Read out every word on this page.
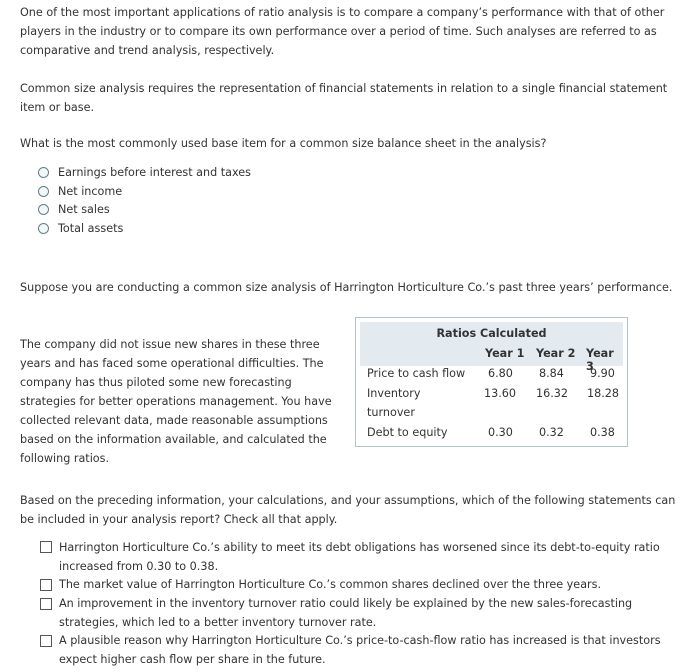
One of the most important applications of ratio analysis is to compare a company’s performance with that of other players in the industry or to compare its own performance over a period of time. Such analyses are referred to as comparative and trend analysis, respectively.

Common size analysis requires the representation of financial statements in relation to a single financial statement item or base.

What is the most commonly used base item for a common size balance sheet in the analysis?

Earnings before interest and taxes
Net income
Net sales
Total assets

Suppose you are conducting a common size analysis of Harrington Horticulture Co.’s past three years’ performance.

The company did not issue new shares in these three years and has faced some operational difficulties. The company has thus piloted some new forecasting strategies for better operations management. You have collected relevant data, made reasonable assumptions based on the information available, and calculated the following ratios.

Ratios Calculated
Year 1 Year 2 Year 3
Price to cash flow 6.80 8.84 9.90
Inventory
turnover
13.60 16.32 18.28
Debt to equity	0.30 0.32 0.38

Based on the preceding information, your calculations, and your assumptions, which of the following statements can be included in your analysis report? Check all that apply.

Harrington Horticulture Co.’s ability to meet its debt obligations has worsened since its debt-to-equity ratio increased from 0.30 to 0.38.

The market value of Harrington Horticulture Co.’s common shares declined over the three years.

An improvement in the inventory turnover ratio could likely be explained by the new sales-forecasting strategies, which led to a better inventory turnover rate.

A plausible reason why Harrington Horticulture Co.’s price-to-cash-flow ratio has increased is that investors expect higher cash flow per share in the future.
